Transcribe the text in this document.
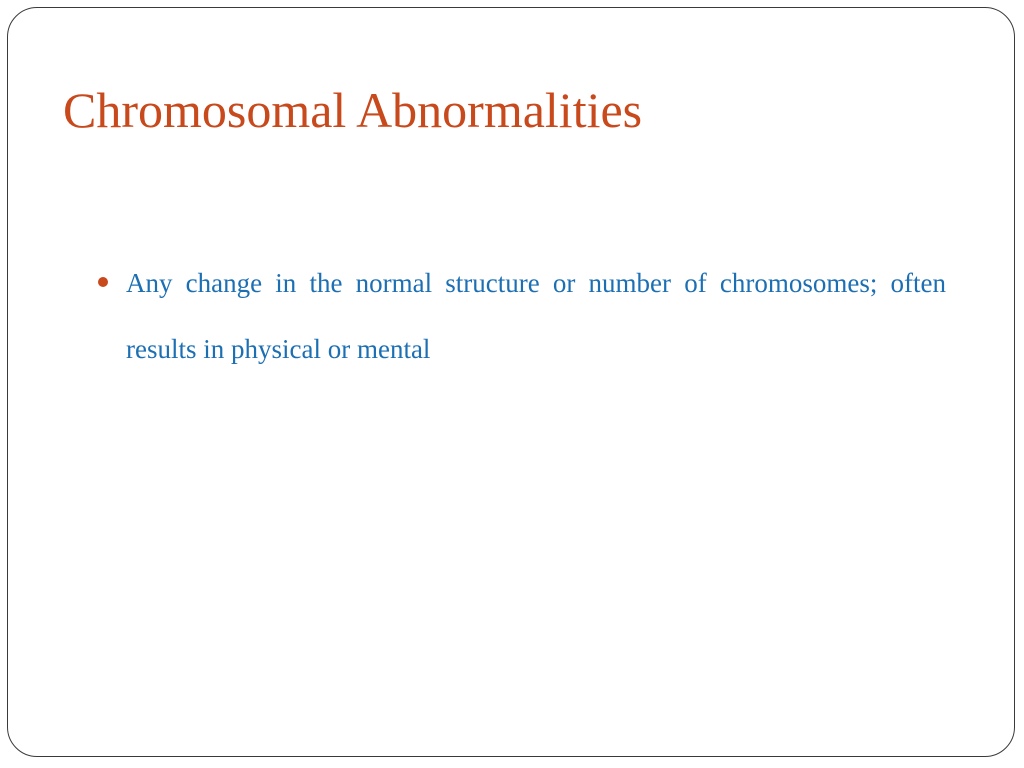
Chromosomal Abnormalities
Any change in the normal structure or number of chromosomes; often results in physical or mental
